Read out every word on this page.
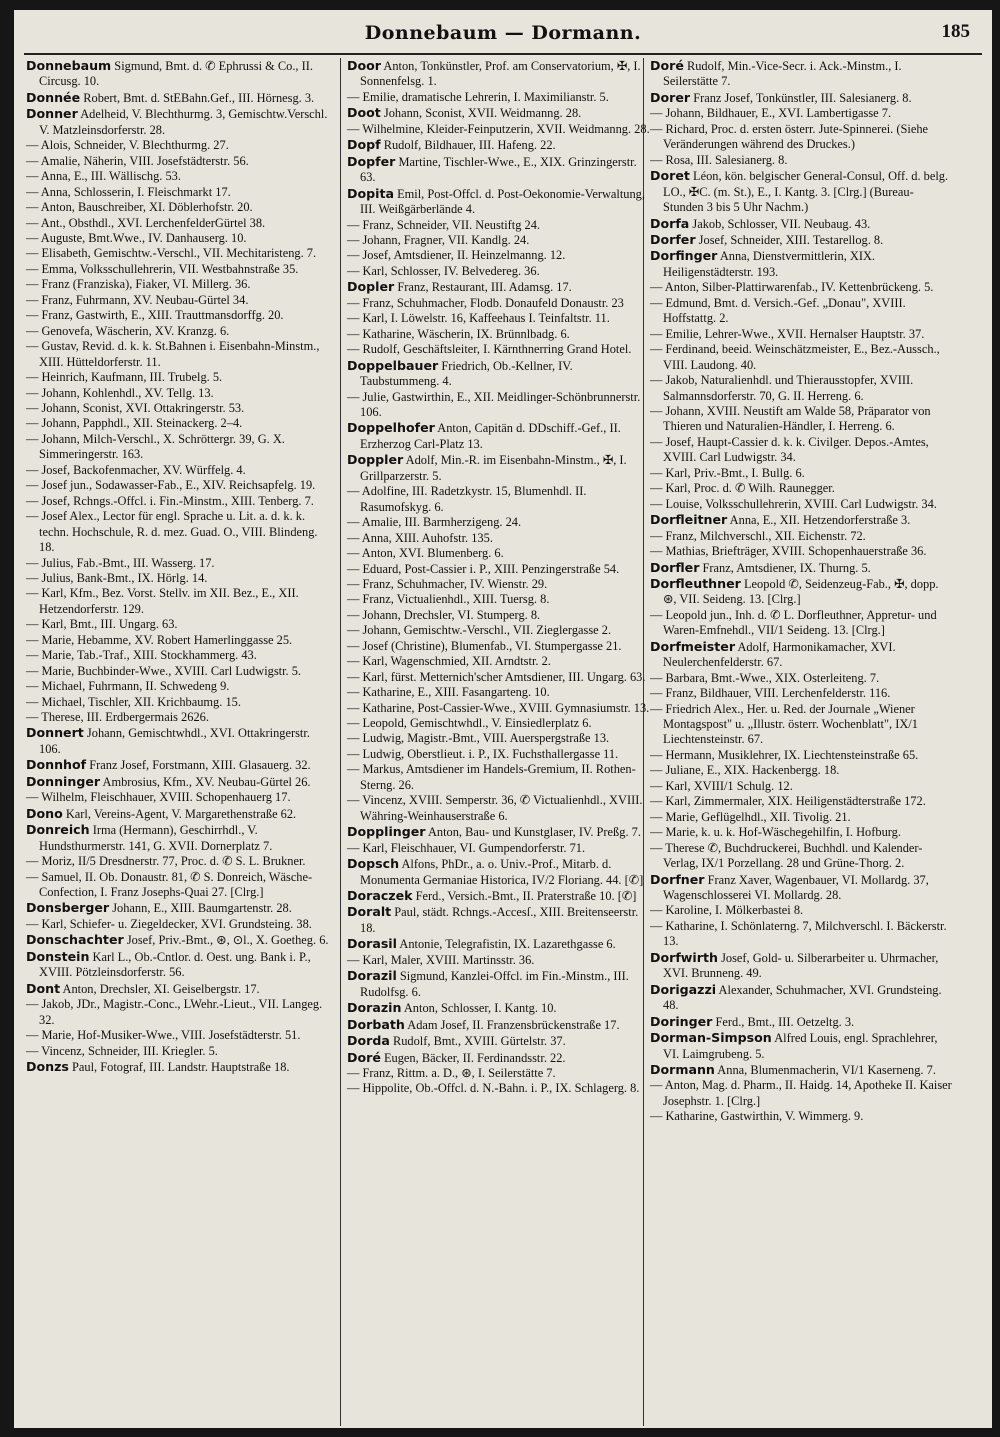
Donnebaum — Dormann.	185

Donnebaum Sigmund, Bmt. d. ✆ Ephrussi & Co., II. Circusg. 10.

Donnée Robert, Bmt. d. StEBahn.Gef., III. Hörnesg. 3.

Donner Adelheid, V. Blechthurmg. 3, Gemischtw.Verschl. V. Matzleinsdorferstr. 28.

— Alois, Schneider, V. Blechthurmg. 27.

— Amalie, Näherin, VIII. Josefstädterstr. 56.

— Anna, E., III. Wällischg. 53.

— Anna, Schlosserin, I. Fleischmarkt 17.

— Anton, Bauschreiber, XI. Döblerhofstr. 20.

— Ant., Obsthdl., XVI. LerchenfelderGürtel 38.

— Auguste, Bmt.Wwe., IV. Danhauserg. 10.

— Elisabeth, Gemischtw.-Verschl., VII. Mechitaristeng. 7.

— Emma, Volksschullehrerin, VII. Westbahnstraße 35.

— Franz (Franziska), Fiaker, VI. Millerg. 36.

— Franz, Fuhrmann, XV. Neubau-Gürtel 34.

— Franz, Gastwirth, E., XIII. Trauttmansdorffg. 20.

— Genovefa, Wäscherin, XV. Kranzg. 6.

— Gustav, Revid. d. k. k. St.Bahnen i. Eisenbahn-Minstm., XIII. Hütteldorferstr. 11.

— Heinrich, Kaufmann, III. Trubelg. 5.

— Johann, Kohlenhdl., XV. Tellg. 13.

— Johann, Sconist, XVI. Ottakringerstr. 53.

— Johann, Papphdl., XII. Steinackerg. 2–4.

— Johann, Milch-Verschl., X. Schröttergr. 39, G. X. Simmeringerstr. 163.

— Josef, Backofenmacher, XV. Würffelg. 4.

— Josef jun., Sodawasser-Fab., E., XIV. Reichsapfelg. 19.

— Josef, Rchngs.-Offcl. i. Fin.-Minstm., XIII. Tenberg. 7.

— Josef Alex., Lector für engl. Sprache u. Lit. a. d. k. k. techn. Hochschule, R. d. mez. Guad. O., VIII. Blindeng. 18.

— Julius, Fab.-Bmt., III. Wasserg. 17.

— Julius, Bank-Bmt., IX. Hörlg. 14.

— Karl, Kfm., Bez. Vorst. Stellv. im XII. Bez., E., XII. Hetzendorferstr. 129.

— Karl, Bmt., III. Ungarg. 63.

— Marie, Hebamme, XV. Robert Hamerlinggasse 25.

— Marie, Tab.-Traf., XIII. Stockhammerg. 43.

— Marie, Buchbinder-Wwe., XVIII. Carl Ludwigstr. 5.

— Michael, Fuhrmann, II. Schwedeng 9.

— Michael, Tischler, XII. Krichbaumg. 15.

— Therese, III. Erdbergermais 2626.

Donnert Johann, Gemischtwhdl., XVI. Ottakringerstr. 106.

Donnhof Franz Josef, Forstmann, XIII. Glasauerg. 32.

Donninger Ambrosius, Kfm., XV. Neubau-Gürtel 26.

— Wilhelm, Fleischhauer, XVIII. Schopenhauerg 17.

Dono Karl, Vereins-Agent, V. Margarethenstraße 62.

Donreich Irma (Hermann), Geschirrhdl., V. Hundsthurmerstr. 141, G. XVII. Dornerplatz 7.

— Moriz, II/5 Dresdnerstr. 77, Proc. d. ✆ S. L. Brukner.

— Samuel, II. Ob. Donaustr. 81, ✆ S. Donreich, Wäsche-Confection, I. Franz Josephs-Quai 27. [Clrg.]

Donsberger Johann, E., XIII. Baumgartenstr. 28.

— Karl, Schiefer- u. Ziegeldecker, XVI. Grundsteing. 38.

Donschachter Josef, Priv.-Bmt., ⊛, ⊙l., X. Goetheg. 6.

Donstein Karl L., Ob.-Cntlor. d. Oest. ung. Bank i. P., XVIII. Pötzleinsdorferstr. 56.

Dont Anton, Drechsler, XI. Geiselbergstr. 17.

— Jakob, JDr., Magistr.-Conc., LWehr.-Lieut., VII. Langeg. 32.

— Marie, Hof-Musiker-Wwe., VIII. Josefstädterstr. 51.

— Vincenz, Schneider, III. Kriegler. 5.

Donzs Paul, Fotograf, III. Landstr. Hauptstraße 18.

Door Anton, Tonkünstler, Prof. am Conservatorium, ✠, I. Sonnenfelsg. 1.

— Emilie, dramatische Lehrerin, I. Maximilianstr. 5.

Doot Johann, Sconist, XVII. Weidmanng. 28.

— Wilhelmine, Kleider-Feinputzerin, XVII. Weidmanng. 28.

Dopf Rudolf, Bildhauer, III. Hafeng. 22.

Dopfer Martine, Tischler-Wwe., E., XIX. Grinzingerstr. 63.

Dopita Emil, Post-Offcl. d. Post-Oekonomie-Verwaltung, III. Weißgärberlände 4.

— Franz, Schneider, VII. Neustiftg 24.

— Johann, Fragner, VII. Kandlg. 24.

— Josef, Amtsdiener, II. Heinzelmanng. 12.

— Karl, Schlosser, IV. Belvedereg. 36.

Dopler Franz, Restaurant, III. Adamsg. 17.

— Franz, Schuhmacher, Flodb. Donaufeld Donaustr. 23

— Karl, I. Löwelstr. 16, Kaffeehaus I. Teinfaltstr. 11.

— Katharine, Wäscherin, IX. Brünnlbadg. 6.

— Rudolf, Geschäftsleiter, I. Kärnthnerring Grand Hotel.

Doppelbauer Friedrich, Ob.-Kellner, IV. Taubstummeng. 4.

— Julie, Gastwirthin, E., XII. Meidlinger-Schönbrunnerstr. 106.

Doppelhofer Anton, Capitän d. DDschiff.-Gef., II. Erzherzog Carl-Platz 13.

Doppler Adolf, Min.-R. im Eisenbahn-Minstm., ✠, I. Grillparzerstr. 5.

— Adolfine, III. Radetzkystr. 15, Blumenhdl. II. Rasumofskyg. 6.

— Amalie, III. Barmherzigeng. 24.

— Anna, XIII. Auhofstr. 135.

— Anton, XVI. Blumenberg. 6.

— Eduard, Post-Cassier i. P., XIII. Penzingerstraße 54.

— Franz, Schuhmacher, IV. Wienstr. 29.

— Franz, Victualienhdl., XIII. Tuersg. 8.

— Johann, Drechsler, VI. Stumperg. 8.

— Johann, Gemischtw.-Verschl., VII. Zieglergasse 2.

— Josef (Christine), Blumenfab., VI. Stumpergasse 21.

— Karl, Wagenschmied, XII. Arndtstr. 2.

— Karl, fürst. Metternich'scher Amtsdiener, III. Ungarg. 63.

— Katharine, E., XIII. Fasangarteng. 10.

— Katharine, Post-Cassier-Wwe., XVIII. Gymnasiumstr. 13.

— Leopold, Gemischtwhdl., V. Einsiedlerplatz 6.

— Ludwig, Magistr.-Bmt., VIII. Auerspergstraße 13.

— Ludwig, Oberstlieut. i. P., IX. Fuchsthallergasse 11.

— Markus, Amtsdiener im Handels-Gremium, II. Rothen-Sterng. 26.

— Vincenz, XVIII. Semperstr. 36, ✆ Victualienhdl., XVIII. Währing-Weinhauserstraße 6.

Dopplinger Anton, Bau- und Kunstglaser, IV. Preßg. 7.

— Karl, Fleischhauer, VI. Gumpendorferstr. 71.

Dopsch Alfons, PhDr., a. o. Univ.-Prof., Mitarb. d. Monumenta Germaniae Historica, IV/2 Floriang. 44. [✆]

Doraczek Ferd., Versich.-Bmt., II. Praterstraße 10. [✆]

Doralt Paul, städt. Rchngs.-Accesſ., XIII. Breitenseerstr. 18.

Dorasil Antonie, Telegrafistin, IX. Lazarethgasse 6.

— Karl, Maler, XVIII. Martinsstr. 36.

Dorazil Sigmund, Kanzlei-Offcl. im Fin.-Minstm., III. Rudolfsg. 6.

Dorazin Anton, Schlosser, I. Kantg. 10.

Dorbath Adam Josef, II. Franzensbrückenstraße 17.

Dorda Rudolf, Bmt., XVIII. Gürtelstr. 37.

Doré Eugen, Bäcker, II. Ferdinandsstr. 22.

— Franz, Rittm. a. D., ⊛, I. Seilerstätte 7.

— Hippolite, Ob.-Offcl. d. N.-Bahn. i. P., IX. Schlagerg. 8.

Doré Rudolf, Min.-Vice-Secr. i. Ack.-Minstm., I. Seilerstätte 7.

Dorer Franz Josef, Tonkünstler, III. Salesianerg. 8.

— Johann, Bildhauer, E., XVI. Lambertigasse 7.

— Richard, Proc. d. ersten österr. Jute-Spinnerei. (Siehe Veränderungen während des Druckes.)

— Rosa, III. Salesianerg. 8.

Doret Léon, kön. belgischer General-Consul, Off. d. belg. LO., ✠C. (m. St.), E., I. Kantg. 3. [Clrg.] (Bureau-Stunden 3 bis 5 Uhr Nachm.)

Dorfa Jakob, Schlosser, VII. Neubaug. 43.

Dorfer Josef, Schneider, XIII. Testarellog. 8.

Dorfinger Anna, Dienstvermittlerin, XIX. Heiligenstädterstr. 193.

— Anton, Silber-Plattirwarenfab., IV. Kettenbrückeng. 5.

— Edmund, Bmt. d. Versich.-Gef. „Donau", XVIII. Hoffstattg. 2.

— Emilie, Lehrer-Wwe., XVII. Hernalser Hauptstr. 37.

— Ferdinand, beeid. Weinschätzmeister, E., Bez.-Aussch., VIII. Laudong. 40.

— Jakob, Naturalienhdl. und Thierausstopfer, XVIII. Salmannsdorferstr. 70, G. II. Herreng. 6.

— Johann, XVIII. Neustift am Walde 58, Präparator von Thieren und Naturalien-Händler, I. Herreng. 6.

— Josef, Haupt-Cassier d. k. k. Civilger. Depos.-Amtes, XVIII. Carl Ludwigstr. 34.

— Karl, Priv.-Bmt., I. Bullg. 6.

— Karl, Proc. d. ✆ Wilh. Raunegger.

— Louise, Volksschullehrerin, XVIII. Carl Ludwigstr. 34.

Dorfleitner Anna, E., XII. Hetzendorferstraße 3.

— Franz, Milchverschl., XII. Eichenstr. 72.

— Mathias, Briefträger, XVIII. Schopenhauerstraße 36.

Dorfler Franz, Amtsdiener, IX. Thurng. 5.

Dorfleuthner Leopold ✆, Seidenzeug-Fab., ✠, dopp. ⊛, VII. Seideng. 13. [Clrg.]

— Leopold jun., Inh. d. ✆ L. Dorfleuthner, Appretur- und Waren-Emfnehdl., VII/1 Seideng. 13. [Clrg.]

Dorfmeister Adolf, Harmonikamacher, XVI. Neulerchenfelderstr. 67.

— Barbara, Bmt.-Wwe., XIX. Osterleiteng. 7.

— Franz, Bildhauer, VIII. Lerchenfelderstr. 116.

— Friedrich Alex., Her. u. Red. der Journale „Wiener Montagspost" u. „Illustr. österr. Wochenblatt", IX/1 Liechtensteinstr. 67.

— Hermann, Musiklehrer, IX. Liechtensteinstraße 65.

— Juliane, E., XIX. Hackenbergg. 18.

— Karl, XVIII/1 Schulg. 12.

— Karl, Zimmermaler, XIX. Heiligenstädterstraße 172.

— Marie, Geflügelhdl., XII. Tivolig. 21.

— Marie, k. u. k. Hof-Wäschegehilfin, I. Hofburg.

— Therese ✆, Buchdruckerei, Buchhdl. und Kalender-Verlag, IX/1 Porzellang. 28 und Grüne-Thorg. 2.

Dorfner Franz Xaver, Wagenbauer, VI. Mollardg. 37, Wagenschlosserei VI. Mollardg. 28.

— Karoline, I. Mölkerbastei 8.

— Katharine, I. Schönlaterng. 7, Milchverschl. I. Bäckerstr. 13.

Dorfwirth Josef, Gold- u. Silberarbeiter u. Uhrmacher, XVI. Brunneng. 49.

Dorigazzi Alexander, Schuhmacher, XVI. Grundsteing. 48.

Doringer Ferd., Bmt., III. Oetzeltg. 3.

Dorman-Simpson Alfred Louis, engl. Sprachlehrer, VI. Laimgrubeng. 5.

Dormann Anna, Blumenmacherin, VI/1 Kaserneng. 7.

— Anton, Mag. d. Pharm., II. Haidg. 14, Apotheke II. Kaiser Josephstr. 1. [Clrg.]

— Katharine, Gastwirthin, V. Wimmerg. 9.
